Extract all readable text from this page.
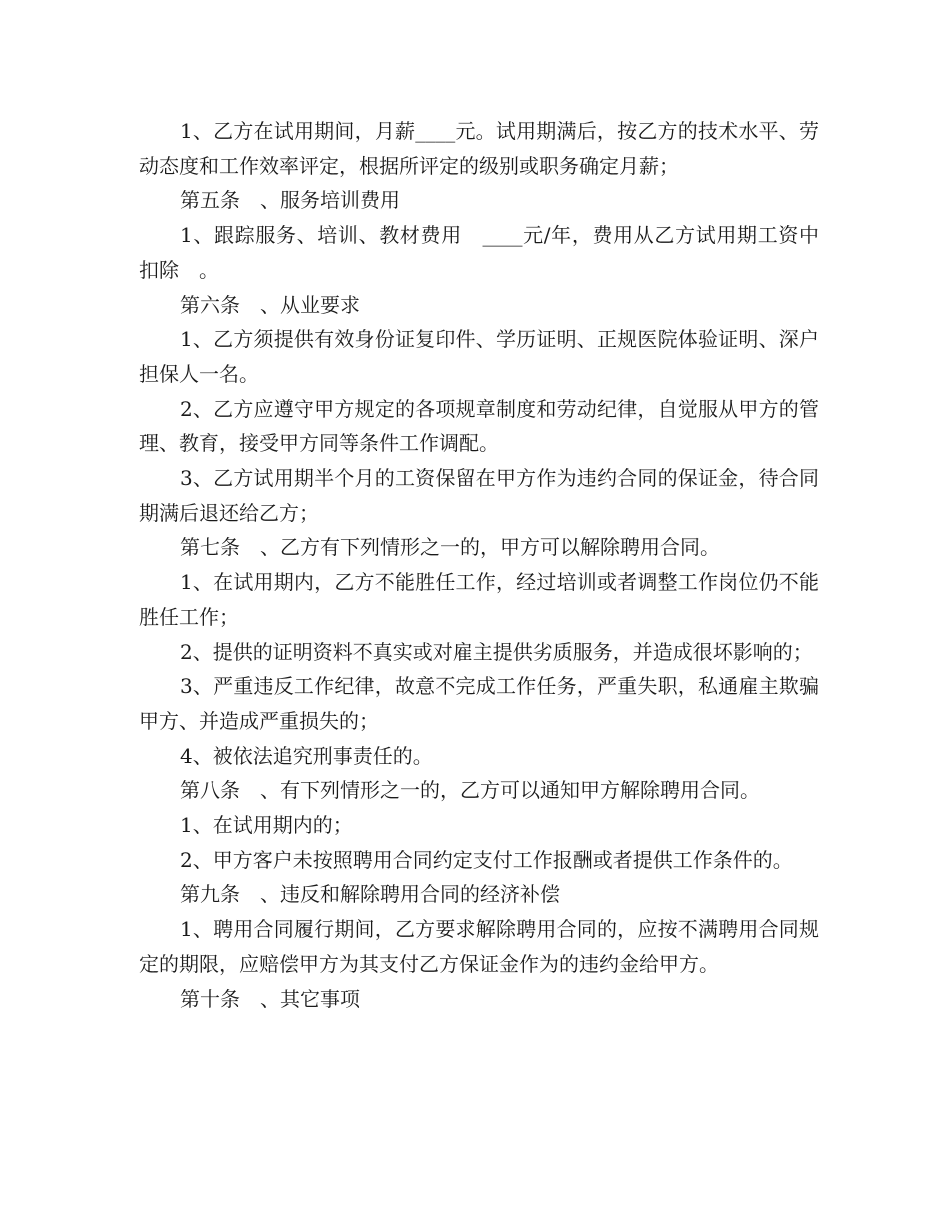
1、乙方在试用期间，月薪____元。试用期满后，按乙方的技术水平、劳动态度和工作效率评定，根据所评定的级别或职务确定月薪；

第五条　、服务培训费用

1、跟踪服务、培训、教材费用　____元/年，费用从乙方试用期工资中扣除　。

第六条　、从业要求

1、乙方须提供有效身份证复印件、学历证明、正规医院体验证明、深户担保人一名。

2、乙方应遵守甲方规定的各项规章制度和劳动纪律，自觉服从甲方的管理、教育，接受甲方同等条件工作调配。

3、乙方试用期半个月的工资保留在甲方作为违约合同的保证金，待合同期满后退还给乙方；

第七条　、乙方有下列情形之一的，甲方可以解除聘用合同。

1、在试用期内，乙方不能胜任工作，经过培训或者调整工作岗位仍不能胜任工作；

2、提供的证明资料不真实或对雇主提供劣质服务，并造成很坏影响的；

3、严重违反工作纪律，故意不完成工作任务，严重失职，私通雇主欺骗甲方、并造成严重损失的；

4、被依法追究刑事责任的。

第八条　、有下列情形之一的，乙方可以通知甲方解除聘用合同。

1、在试用期内的；

2、甲方客户未按照聘用合同约定支付工作报酬或者提供工作条件的。

第九条　、违反和解除聘用合同的经济补偿

1、聘用合同履行期间，乙方要求解除聘用合同的，应按不满聘用合同规定的期限，应赔偿甲方为其支付乙方保证金作为的违约金给甲方。

第十条　、其它事项
